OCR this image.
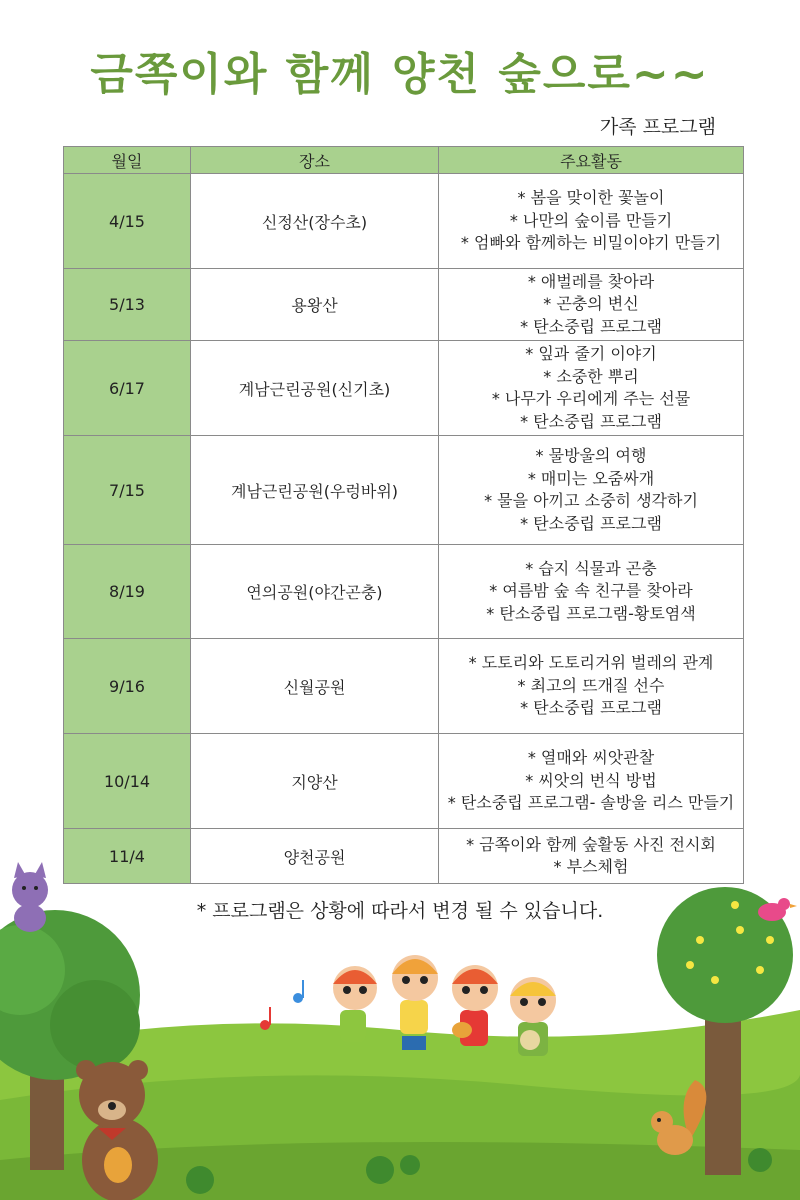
금쪽이와 함께 양천 숲으로~~
가족 프로그램
월일	장소	주요활동
4/15	신정산(장수초)	* 봄을 맞이한 꽃놀이
* 나만의 숲이름 만들기
* 엄빠와 함께하는 비밀이야기 만들기

5/13	용왕산	* 애벌레를 찾아라
* 곤충의 변신
* 탄소중립 프로그램

6/17	계남근린공원(신기초)	* 잎과 줄기 이야기
* 소중한 뿌리
* 나무가 우리에게 주는 선물
* 탄소중립 프로그램

7/15	계남근린공원(우렁바위)	* 물방울의 여행
* 매미는 오줌싸개
* 물을 아끼고 소중히 생각하기
* 탄소중립 프로그램

8/19	연의공원(야간곤충)	* 습지 식물과 곤충
* 여름밤 숲 속 친구를 찾아라
* 탄소중립 프로그램-황토염색

9/16	신월공원	* 도토리와 도토리거위 벌레의 관계
* 최고의 뜨개질 선수
* 탄소중립 프로그램

10/14	지양산	* 열매와 씨앗관찰
* 씨앗의 번식 방법
* 탄소중립 프로그램- 솔방울 리스 만들기

11/4	양천공원	* 금쪽이와 함께 숲활동 사진 전시회
* 부스체험
* 프로그램은 상황에 따라서 변경 될 수 있습니다.
